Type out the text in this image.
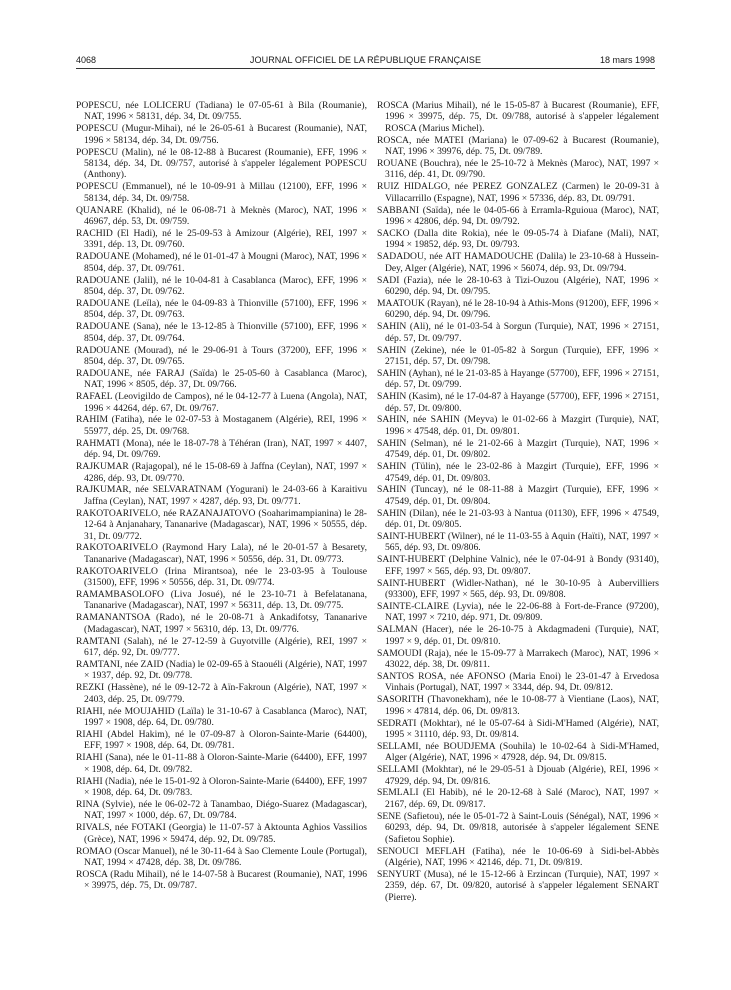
4068	JOURNAL OFFICIEL DE LA RÉPUBLIQUE FRANÇAISE	18 mars 1998

POPESCU, née LOLICERU (Tadiana) le 07-05-61 à Bila (Roumanie), NAT, 1996 × 58131, dép. 34, Dt. 09/755.

POPESCU (Mugur-Mihai), né le 26-05-61 à Bucarest (Roumanie), NAT, 1996 × 58134, dép. 34, Dt. 09/756.

POPESCU (Malin), né le 08-12-88 à Bucarest (Roumanie), EFF, 1996 × 58134, dép. 34, Dt. 09/757, autorisé à s'appeler légalement POPESCU (Anthony).

POPESCU (Emmanuel), né le 10-09-91 à Millau (12100), EFF, 1996 × 58134, dép. 34, Dt. 09/758.

QUANARE (Khalid), né le 06-08-71 à Meknès (Maroc), NAT, 1996 × 46967, dép. 53, Dt. 09/759.

RACHID (El Hadi), né le 25-09-53 à Amizour (Algérie), REI, 1997 × 3391, dép. 13, Dt. 09/760.

RADOUANE (Mohamed), né le 01-01-47 à Mougni (Maroc), NAT, 1996 × 8504, dép. 37, Dt. 09/761.

RADOUANE (Jalil), né le 10-04-81 à Casablanca (Maroc), EFF, 1996 × 8504, dép. 37, Dt. 09/762.

RADOUANE (Leïla), née le 04-09-83 à Thionville (57100), EFF, 1996 × 8504, dép. 37, Dt. 09/763.

RADOUANE (Sana), née le 13-12-85 à Thionville (57100), EFF, 1996 × 8504, dép. 37, Dt. 09/764.

RADOUANE (Mourad), né le 29-06-91 à Tours (37200), EFF, 1996 × 8504, dép. 37, Dt. 09/765.

RADOUANE, née FARAJ (Saïda) le 25-05-60 à Casablanca (Maroc), NAT, 1996 × 8505, dép. 37, Dt. 09/766.

RAFAEL (Leovigildo de Campos), né le 04-12-77 à Luena (Angola), NAT, 1996 × 44264, dép. 67, Dt. 09/767.

RAHIM (Fatiha), née le 02-07-53 à Mostaganem (Algérie), REI, 1996 × 55977, dép. 25, Dt. 09/768.

RAHMATI (Mona), née le 18-07-78 à Téhéran (Iran), NAT, 1997 × 4407, dép. 94, Dt. 09/769.

RAJKUMAR (Rajagopal), né le 15-08-69 à Jaffna (Ceylan), NAT, 1997 × 4286, dép. 93, Dt. 09/770.

RAJKUMAR, née SELVARATNAM (Yogurani) le 24-03-66 à Karaitivu Jaffna (Ceylan), NAT, 1997 × 4287, dép. 93, Dt. 09/771.

RAKOTOARIVELO, née RAZANAJATOVO (Soaharimampianina) le 28-12-64 à Anjanahary, Tananarive (Madagascar), NAT, 1996 × 50555, dép. 31, Dt. 09/772.

RAKOTOARIVELO (Raymond Hary Lala), né le 20-01-57 à Besarety, Tananarive (Madagascar), NAT, 1996 × 50556, dép. 31, Dt. 09/773.

RAKOTOARIVELO (Irina Mirantsoa), née le 23-03-95 à Toulouse (31500), EFF, 1996 × 50556, dép. 31, Dt. 09/774.

RAMAMBASOLOFO (Liva Josué), né le 23-10-71 à Befelatanana, Tananarive (Madagascar), NAT, 1997 × 56311, dép. 13, Dt. 09/775.

RAMANANTSOA (Rado), né le 20-08-71 à Ankadifotsy, Tananarive (Madagascar), NAT, 1997 × 56310, dép. 13, Dt. 09/776.

RAMTANI (Salah), né le 27-12-59 à Guyotville (Algérie), REI, 1997 × 617, dép. 92, Dt. 09/777.

RAMTANI, née ZAID (Nadia) le 02-09-65 à Staouéli (Algérie), NAT, 1997 × 1937, dép. 92, Dt. 09/778.

REZKI (Hassène), né le 09-12-72 à Aïn-Fakroun (Algérie), NAT, 1997 × 2403, dép. 25, Dt. 09/779.

RIAHI, née MOUJAHID (Laïla) le 31-10-67 à Casablanca (Maroc), NAT, 1997 × 1908, dép. 64, Dt. 09/780.

RIAHI (Abdel Hakim), né le 07-09-87 à Oloron-Sainte-Marie (64400), EFF, 1997 × 1908, dép. 64, Dt. 09/781.

RIAHI (Sana), née le 01-11-88 à Oloron-Sainte-Marie (64400), EFF, 1997 × 1908, dép. 64, Dt. 09/782.

RIAHI (Nadia), née le 15-01-92 à Oloron-Sainte-Marie (64400), EFF, 1997 × 1908, dép. 64, Dt. 09/783.

RINA (Sylvie), née le 06-02-72 à Tanambao, Diégo-Suarez (Madagascar), NAT, 1997 × 1000, dép. 67, Dt. 09/784.

RIVALS, née FOTAKI (Georgia) le 11-07-57 à Aktounta Aghios Vassilios (Grèce), NAT, 1996 × 59474, dép. 92, Dt. 09/785.

ROMAO (Oscar Manuel), né le 30-11-64 à Sao Clemente Loule (Portugal), NAT, 1994 × 47428, dép. 38, Dt. 09/786.

ROSCA (Radu Mihail), né le 14-07-58 à Bucarest (Roumanie), NAT, 1996 × 39975, dép. 75, Dt. 09/787.

ROSCA (Marius Mihail), né le 15-05-87 à Bucarest (Roumanie), EFF, 1996 × 39975, dép. 75, Dt. 09/788, autorisé à s'appeler légalement ROSCA (Marius Michel).

ROSCA, née MATEI (Mariana) le 07-09-62 à Bucarest (Roumanie), NAT, 1996 × 39976, dép. 75, Dt. 09/789.

ROUANE (Bouchra), née le 25-10-72 à Meknès (Maroc), NAT, 1997 × 3116, dép. 41, Dt. 09/790.

RUIZ HIDALGO, née PEREZ GONZALEZ (Carmen) le 20-09-31 à Villacarrillo (Espagne), NAT, 1996 × 57336, dép. 83, Dt. 09/791.

SABBANI (Saïda), née le 04-05-66 à Erramla-Rguioua (Maroc), NAT, 1996 × 42806, dép. 94, Dt. 09/792.

SACKO (Dalla dite Rokia), née le 09-05-74 à Diafane (Mali), NAT, 1994 × 19852, dép. 93, Dt. 09/793.

SADADOU, née AIT HAMADOUCHE (Dalila) le 23-10-68 à Hussein-Dey, Alger (Algérie), NAT, 1996 × 56074, dép. 93, Dt. 09/794.

SADI (Fazia), née le 28-10-63 à Tizi-Ouzou (Algérie), NAT, 1996 × 60290, dép. 94, Dt. 09/795.

MAATOUK (Rayan), né le 28-10-94 à Athis-Mons (91200), EFF, 1996 × 60290, dép. 94, Dt. 09/796.

SAHIN (Ali), né le 01-03-54 à Sorgun (Turquie), NAT, 1996 × 27151, dép. 57, Dt. 09/797.

SAHIN (Zekine), née le 01-05-82 à Sorgun (Turquie), EFF, 1996 × 27151, dép. 57, Dt. 09/798.

SAHIN (Ayhan), né le 21-03-85 à Hayange (57700), EFF, 1996 × 27151, dép. 57, Dt. 09/799.

SAHIN (Kasim), né le 17-04-87 à Hayange (57700), EFF, 1996 × 27151, dép. 57, Dt. 09/800.

SAHIN, née SAHIN (Meyva) le 01-02-66 à Mazgirt (Turquie), NAT, 1996 × 47548, dép. 01, Dt. 09/801.

SAHIN (Selman), né le 21-02-66 à Mazgirt (Turquie), NAT, 1996 × 47549, dép. 01, Dt. 09/802.

SAHIN (Tülin), née le 23-02-86 à Mazgirt (Turquie), EFF, 1996 × 47549, dép. 01, Dt. 09/803.

SAHIN (Tuncay), né le 08-11-88 à Mazgirt (Turquie), EFF, 1996 × 47549, dép. 01, Dt. 09/804.

SAHIN (Dilan), née le 21-03-93 à Nantua (01130), EFF, 1996 × 47549, dép. 01, Dt. 09/805.

SAINT-HUBERT (Wilner), né le 11-03-55 à Aquin (Haïti), NAT, 1997 × 565, dép. 93, Dt. 09/806.

SAINT-HUBERT (Delphine Valnic), née le 07-04-91 à Bondy (93140), EFF, 1997 × 565, dép. 93, Dt. 09/807.

SAINT-HUBERT (Widler-Nathan), né le 30-10-95 à Aubervilliers (93300), EFF, 1997 × 565, dép. 93, Dt. 09/808.

SAINTE-CLAIRE (Lyvia), née le 22-06-88 à Fort-de-France (97200), NAT, 1997 × 7210, dép. 971, Dt. 09/809.

SALMAN (Hacer), née le 26-10-75 à Akdagmadeni (Turquie), NAT, 1997 × 9, dép. 01, Dt. 09/810.

SAMOUDI (Raja), née le 15-09-77 à Marrakech (Maroc), NAT, 1996 × 43022, dép. 38, Dt. 09/811.

SANTOS ROSA, née AFONSO (Maria Enoi) le 23-01-47 à Ervedosa Vinhais (Portugal), NAT, 1997 × 3344, dép. 94, Dt. 09/812.

SASORITH (Thavonekham), née le 10-08-77 à Vientiane (Laos), NAT, 1996 × 47814, dép. 06, Dt. 09/813.

SEDRATI (Mokhtar), né le 05-07-64 à Sidi-M'Hamed (Algérie), NAT, 1995 × 31110, dép. 93, Dt. 09/814.

SELLAMI, née BOUDJEMA (Souhila) le 10-02-64 à Sidi-M'Hamed, Alger (Algérie), NAT, 1996 × 47928, dép. 94, Dt. 09/815.

SELLAMI (Mokhtar), né le 29-05-51 à Djouab (Algérie), REI, 1996 × 47929, dép. 94, Dt. 09/816.

SEMLALI (El Habib), né le 20-12-68 à Salé (Maroc), NAT, 1997 × 2167, dép. 69, Dt. 09/817.

SENE (Safietou), née le 05-01-72 à Saint-Louis (Sénégal), NAT, 1996 × 60293, dép. 94, Dt. 09/818, autorisée à s'appeler légalement SENE (Safietou Sophie).

SENOUCI MEFLAH (Fatiha), née le 10-06-69 à Sidi-bel-Abbès (Algérie), NAT, 1996 × 42146, dép. 71, Dt. 09/819.

SENYURT (Musa), né le 15-12-66 à Erzincan (Turquie), NAT, 1997 × 2359, dép. 67, Dt. 09/820, autorisé à s'appeler légalement SENART (Pierre).
